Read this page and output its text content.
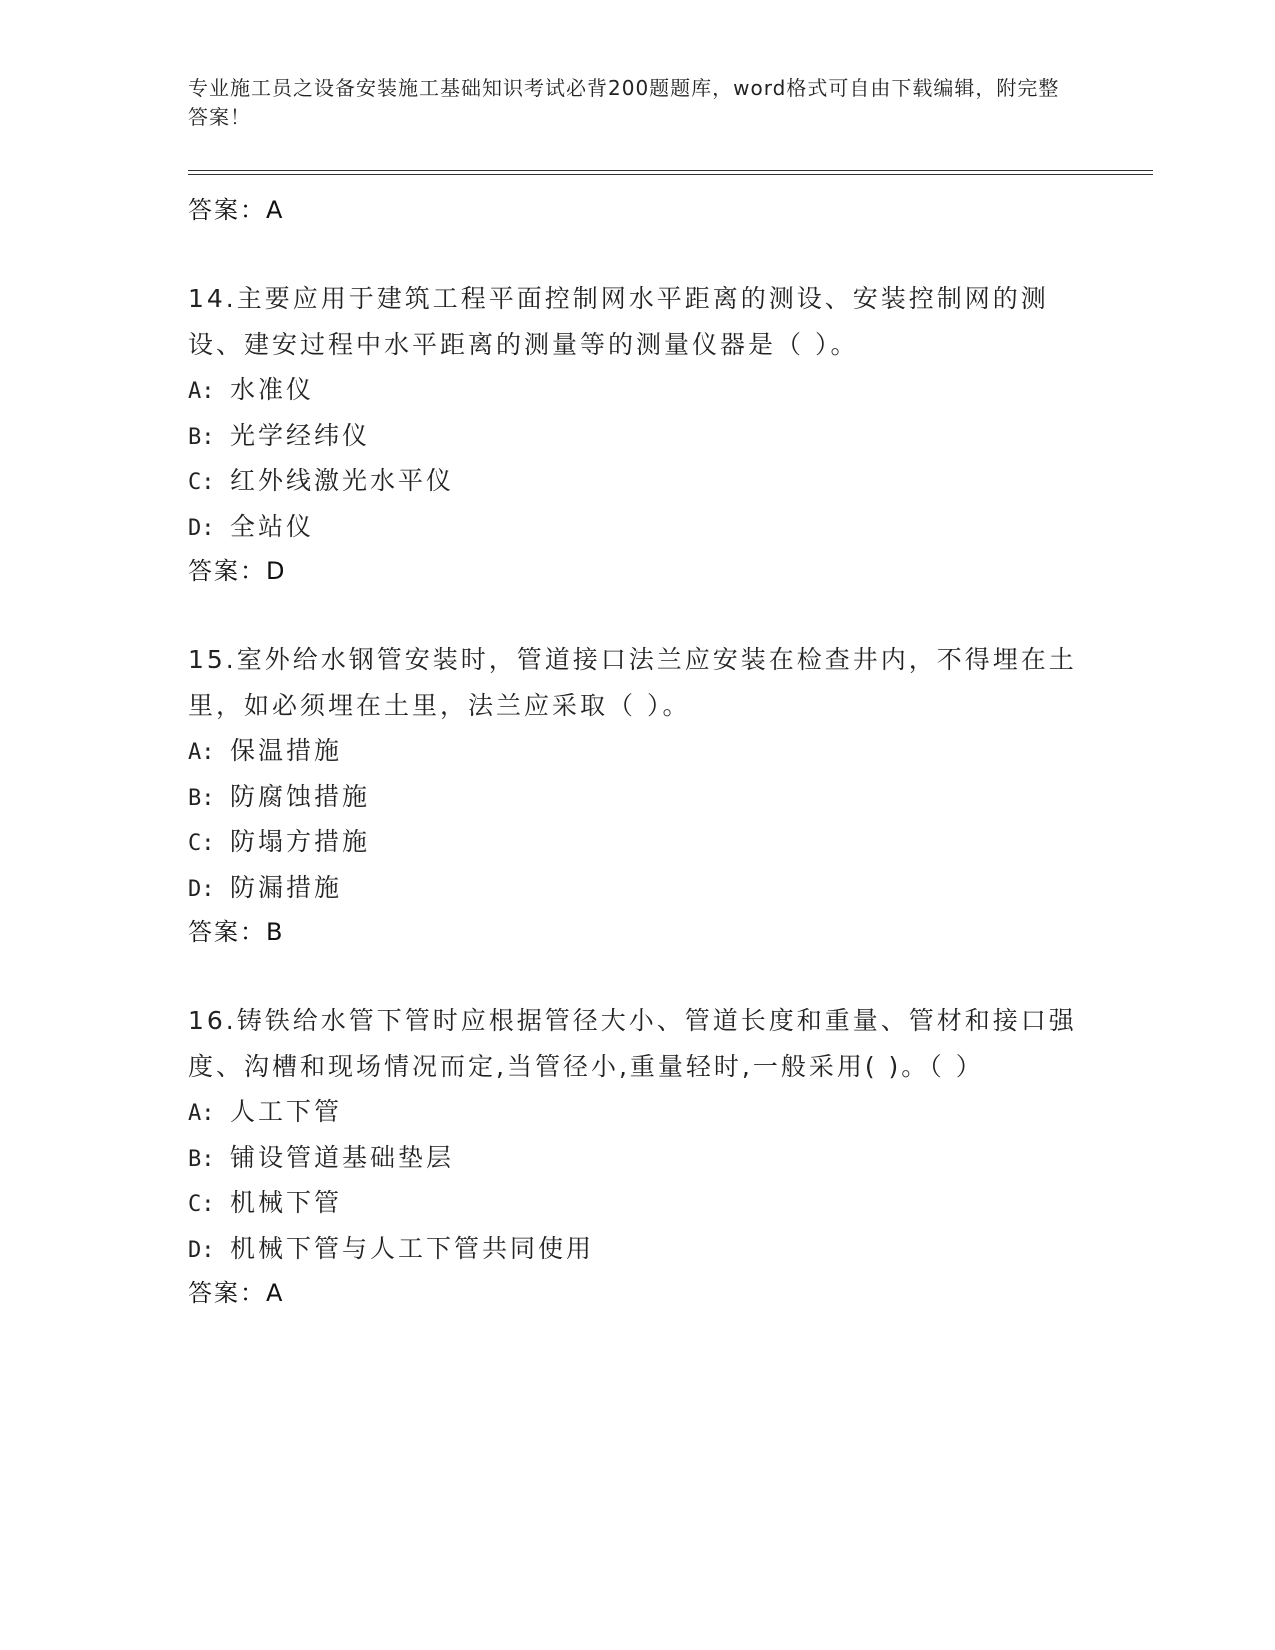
专业施工员之设备安装施工基础知识考试必背200题题库，word格式可自由下载编辑，附完整答案！
答案：A
14.主要应用于建筑工程平面控制网水平距离的测设、安装控制网的测设、建安过程中水平距离的测量等的测量仪器是（ ）。
A: 水准仪
B: 光学经纬仪
C: 红外线激光水平仪
D: 全站仪
答案：D
15.室外给水钢管安装时，管道接口法兰应安装在检查井内，不得埋在土里，如必须埋在土里，法兰应采取（ ）。
A: 保温措施
B: 防腐蚀措施
C: 防塌方措施
D: 防漏措施
答案：B
16.铸铁给水管下管时应根据管径大小、管道长度和重量、管材和接口强度、沟槽和现场情况而定,当管径小,重量轻时,一般采用( )。（ ）
A: 人工下管
B: 铺设管道基础垫层
C: 机械下管
D: 机械下管与人工下管共同使用
答案：A
